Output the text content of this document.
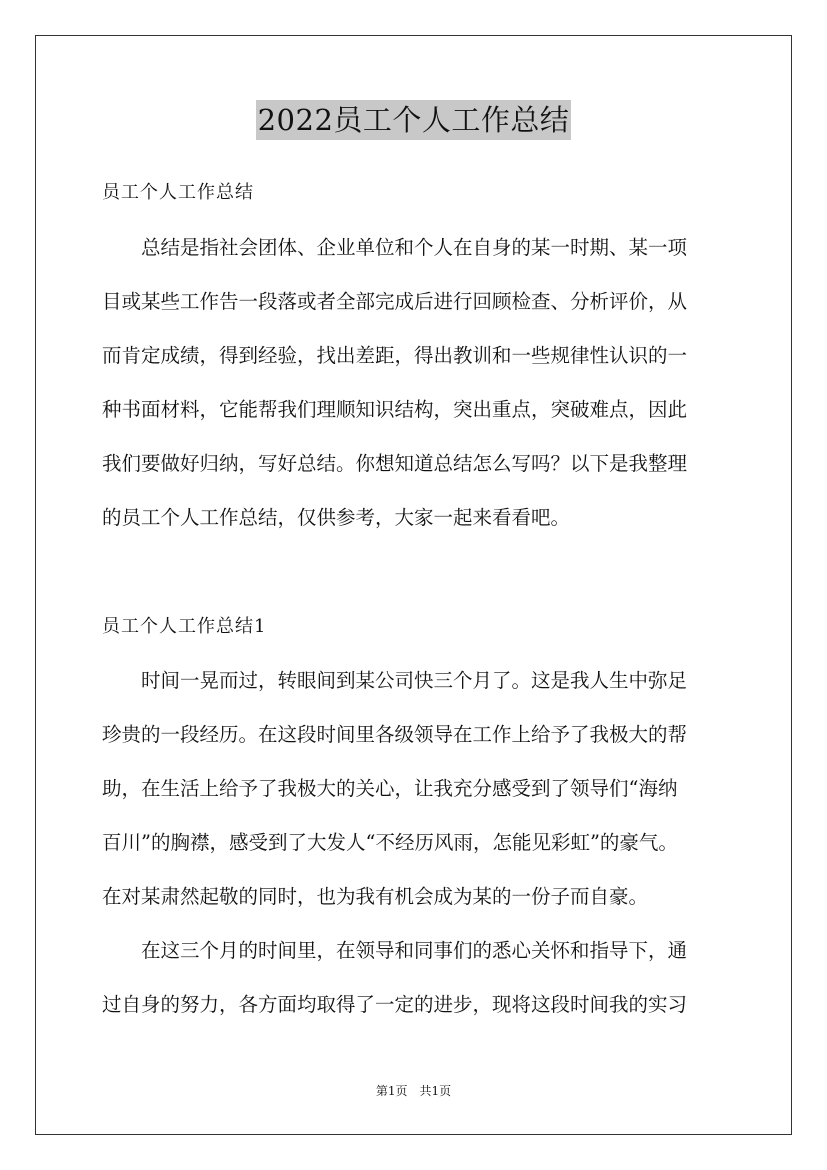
2022员工个人工作总结
员工个人工作总结
　　总结是指社会团体、企业单位和个人在自身的某一时期、某一项
目或某些工作告一段落或者全部完成后进行回顾检查、分析评价，从
而肯定成绩，得到经验，找出差距，得出教训和一些规律性认识的一
种书面材料，它能帮我们理顺知识结构，突出重点，突破难点，因此
我们要做好归纳，写好总结。你想知道总结怎么写吗？以下是我整理
的员工个人工作总结，仅供参考，大家一起来看看吧。
员工个人工作总结1
　　时间一晃而过，转眼间到某公司快三个月了。这是我人生中弥足
珍贵的一段经历。在这段时间里各级领导在工作上给予了我极大的帮
助，在生活上给予了我极大的关心，让我充分感受到了领导们“海纳
百川”的胸襟，感受到了大发人“不经历风雨，怎能见彩虹”的豪气。
在对某肃然起敬的同时，也为我有机会成为某的一份子而自豪。
　　在这三个月的时间里，在领导和同事们的悉心关怀和指导下，通
过自身的努力，各方面均取得了一定的进步，现将这段时间我的实习
第1页　共1页
